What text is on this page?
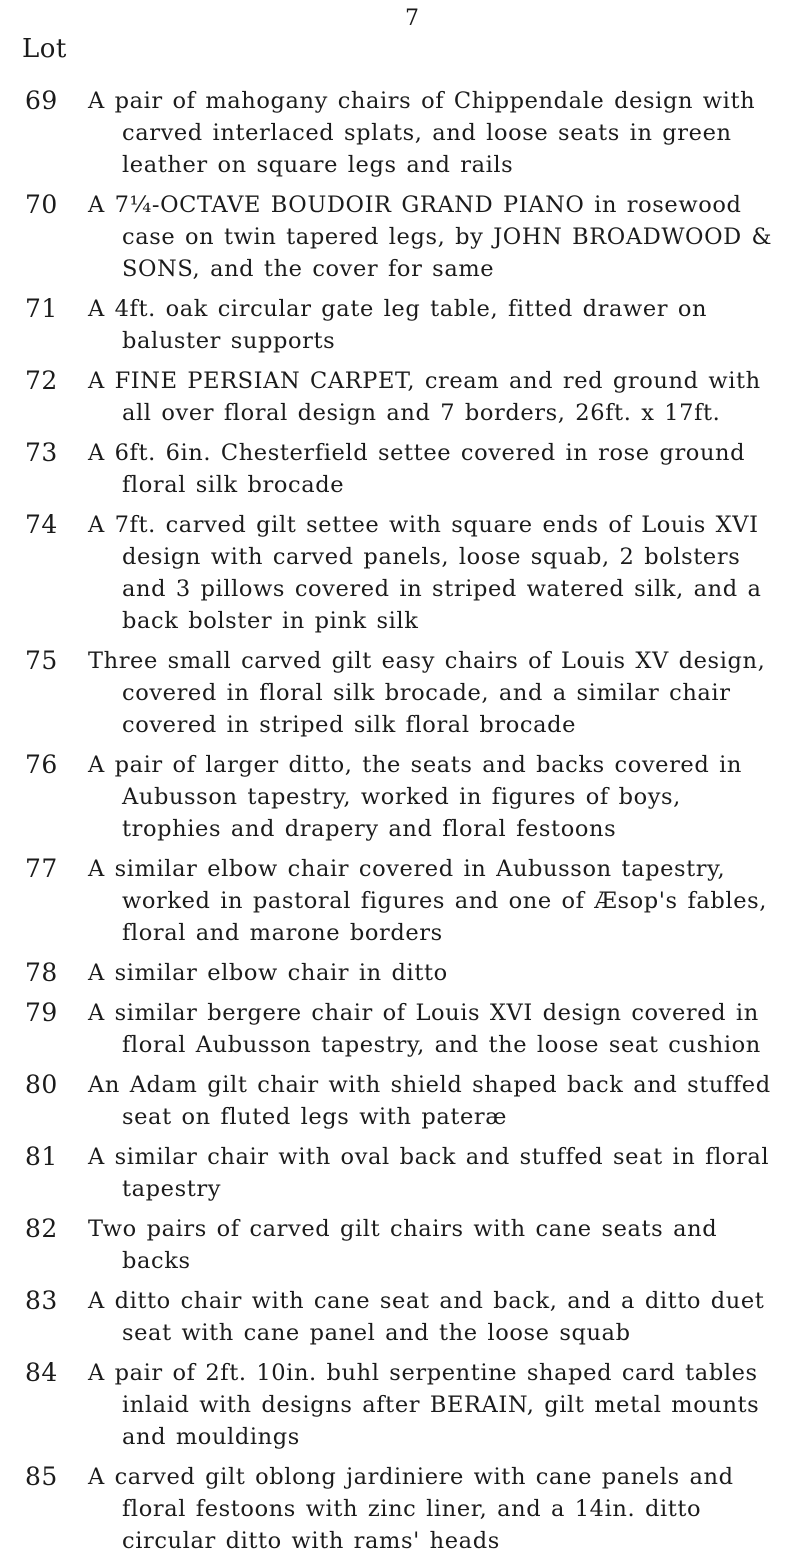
7
Lot
69 A pair of mahogany chairs of Chippendale design with carved interlaced splats, and loose seats in green leather on square legs and rails
70 A 7¼-OCTAVE BOUDOIR GRAND PIANO in rosewood case on twin tapered legs, by JOHN BROADWOOD & SONS, and the cover for same
71 A 4ft. oak circular gate leg table, fitted drawer on baluster supports
72 A FINE PERSIAN CARPET, cream and red ground with all over floral design and 7 borders, 26ft. x 17ft.
73 A 6ft. 6in. Chesterfield settee covered in rose ground floral silk brocade
74 A 7ft. carved gilt settee with square ends of Louis XVI design with carved panels, loose squab, 2 bolsters and 3 pillows covered in striped watered silk, and a back bolster in pink silk
75 Three small carved gilt easy chairs of Louis XV design, covered in floral silk brocade, and a similar chair covered in striped silk floral brocade
76 A pair of larger ditto, the seats and backs covered in Aubusson tapestry, worked in figures of boys, trophies and drapery and floral festoons
77 A similar elbow chair covered in Aubusson tapestry, worked in pastoral figures and one of Æsop's fables, floral and marone borders
78 A similar elbow chair in ditto
79 A similar bergere chair of Louis XVI design covered in floral Aubusson tapestry, and the loose seat cushion
80 An Adam gilt chair with shield shaped back and stuffed seat on fluted legs with pateræ
81 A similar chair with oval back and stuffed seat in floral tapestry
82 Two pairs of carved gilt chairs with cane seats and backs
83 A ditto chair with cane seat and back, and a ditto duet seat with cane panel and the loose squab
84 A pair of 2ft. 10in. buhl serpentine shaped card tables inlaid with designs after BERAIN, gilt metal mounts and mouldings
85 A carved gilt oblong jardiniere with cane panels and floral festoons with zinc liner, and a 14in. ditto circular ditto with rams' heads
